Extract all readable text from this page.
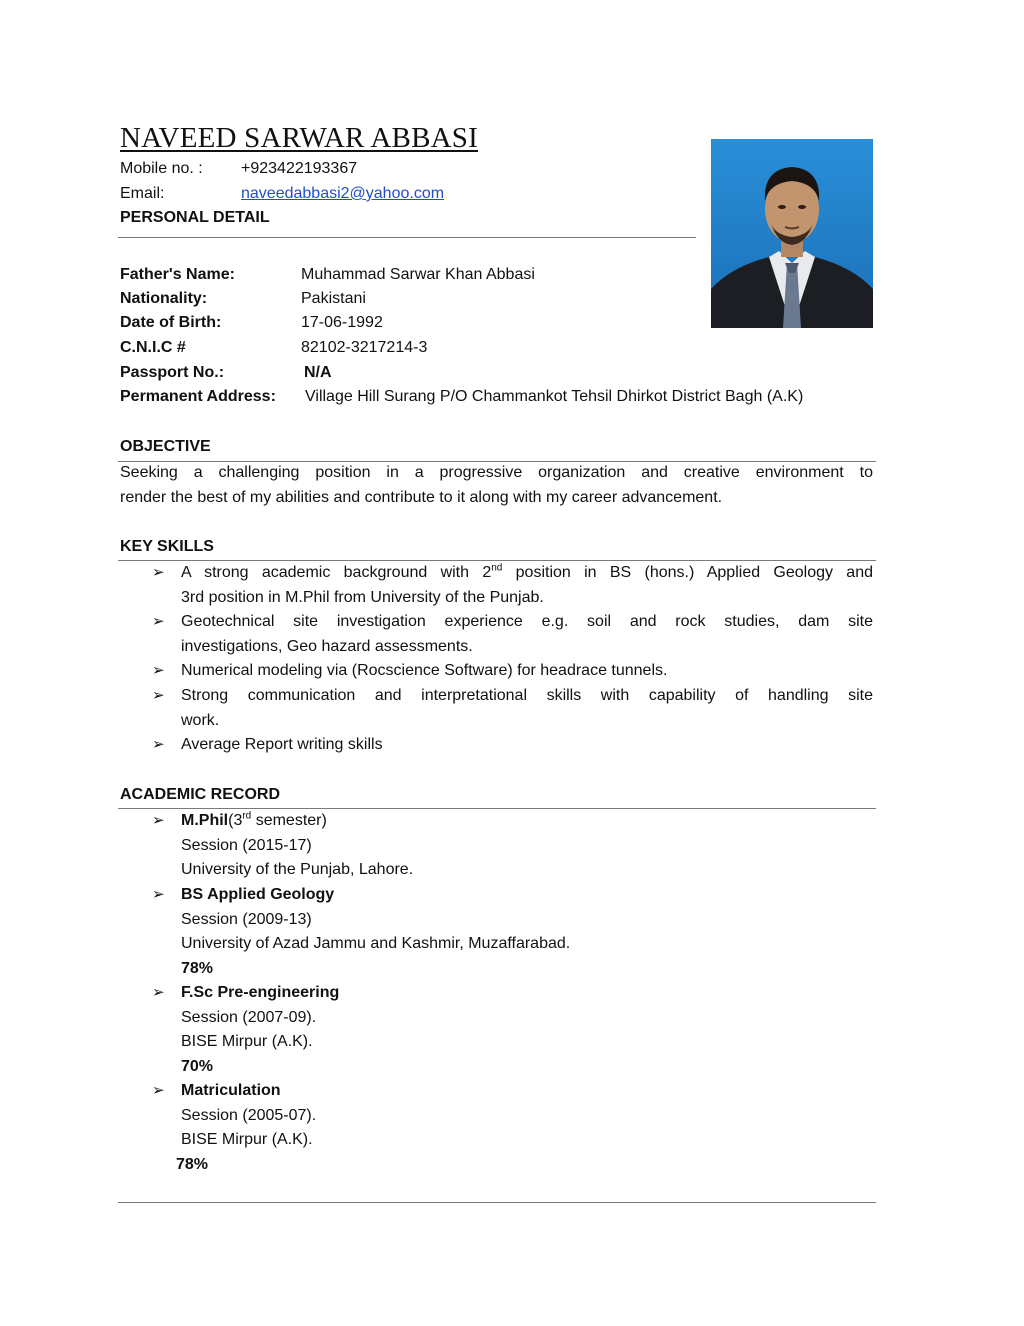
NAVEED SARWAR ABBASI
Mobile no. : +923422193367
Email:	naveedabbasi2@yahoo.com
PERSONAL DETAIL
Father's Name:	Muhammad Sarwar Khan Abbasi
Nationality:	Pakistani
Date of Birth:	17-06-1992
C.N.I.C #	82102-3217214-3
Passport No.:	N/A
Permanent Address: Village Hill Surang P/O Chammankot Tehsil Dhirkot District Bagh (A.K)
OBJECTIVE
Seeking a challenging position in a progressive organization and creative environment to
render the best of my abilities and contribute to it along with my career advancement.
KEY SKILLS
➢ A strong academic background with 2nd position in BS (hons.) Applied Geology and
3rd position in M.Phil from University of the Punjab.
➢ Geotechnical site investigation experience e.g. soil and rock studies, dam site
investigations, Geo hazard assessments.
➢ Numerical modeling via (Rocscience Software) for headrace tunnels.
➢ Strong communication and interpretational skills with capability of handling site
work.
➢ Average Report writing skills
ACADEMIC RECORD
➢ M.Phil(3rd semester)
Session (2015-17)
University of the Punjab, Lahore.
➢ BS Applied Geology
Session (2009-13)
University of Azad Jammu and Kashmir, Muzaffarabad.
78%
➢ F.Sc Pre-engineering
Session (2007-09).
BISE Mirpur (A.K).
70%
➢ Matriculation
Session (2005-07).
BISE Mirpur (A.K).
78%
